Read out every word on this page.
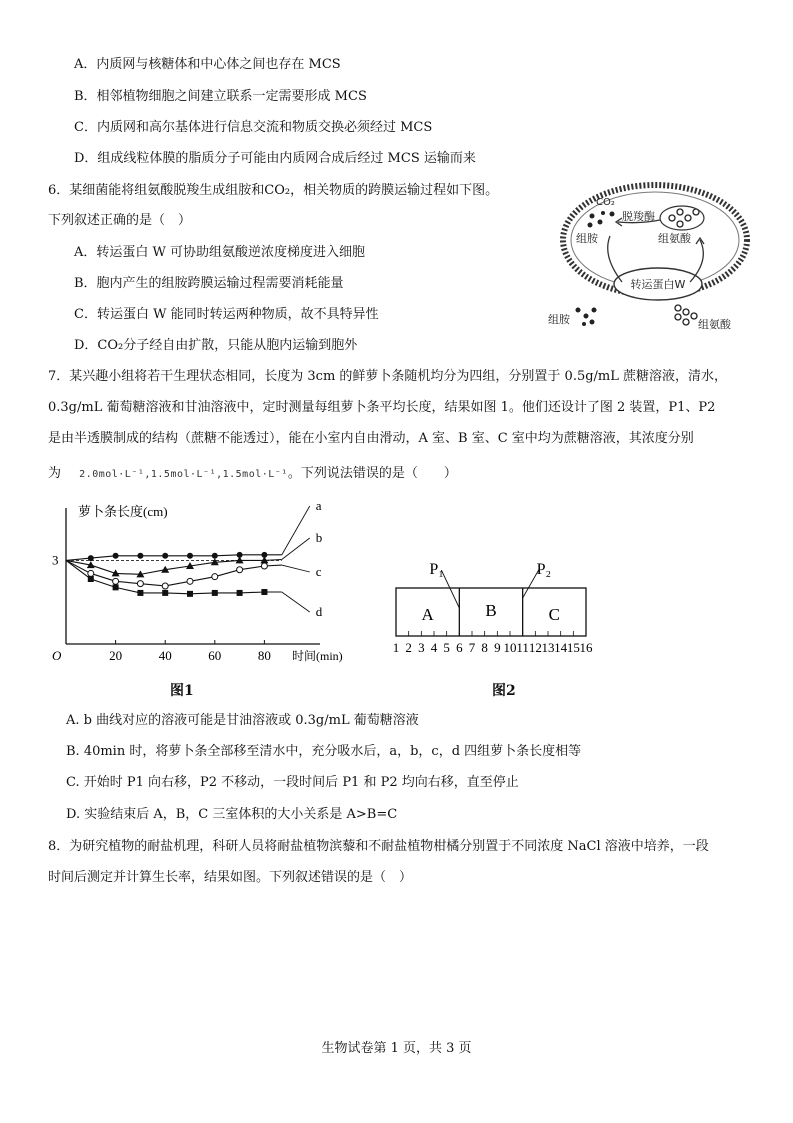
A．内质网与核糖体和中心体之间也存在 MCS
B．相邻植物细胞之间建立联系一定需要形成 MCS
C．内质网和高尔基体进行信息交流和物质交换必须经过 MCS
D．组成线粒体膜的脂质分子可能由内质网合成后经过 MCS 运输而来
6．某细菌能将组氨酸脱羧生成组胺和CO₂，相关物质的跨膜运输过程如下图。
下列叙述正确的是（　）
A．转运蛋白 W 可协助组氨酸逆浓度梯度进入细胞
B．胞内产生的组胺跨膜运输过程需要消耗能量
C．转运蛋白 W 能同时转运两种物质，故不具特异性
D．CO₂分子经自由扩散，只能从胞内运输到胞外
转运蛋白W
CO₂
脱羧酶
组胺	组氨酸
组胺	组氨酸
7．某兴趣小组将若干生理状态相同，长度为 3cm 的鲜萝卜条随机均分为四组，分别置于 0.5g/mL 蔗糖溶液，清水，
0.3g/mL 葡萄糖溶液和甘油溶液中，定时测量每组萝卜条平均长度，结果如图 1。他们还设计了图 2 装置，P1、P2
是由半透膜制成的结构（蔗糖不能透过），能在小室内自由滑动，A 室、B 室、C 室中均为蔗糖溶液，其浓度分别
为 2.0mol·L⁻¹,1.5mol·L⁻¹,1.5mol·L⁻¹。下列说法错误的是（　　）
萝卜条长度(cm)
时间(min)
O
3
20	40	60	80
a
b
c
d
图1
1 2 3 4 5 6 7 8 9 10 11 12 13 14 15 16
P₁	P₂
A	B	C
图2
A. b 曲线对应的溶液可能是甘油溶液或 0.3g/mL 葡萄糖溶液
B. 40min 时，将萝卜条全部移至清水中，充分吸水后，a，b，c，d 四组萝卜条长度相等
C. 开始时 P1 向右移，P2 不移动，一段时间后 P1 和 P2 均向右移，直至停止
D. 实验结束后 A，B，C 三室体积的大小关系是 A>B=C
8．为研究植物的耐盐机理，科研人员将耐盐植物滨藜和不耐盐植物柑橘分别置于不同浓度 NaCl 溶液中培养，一段
时间后测定并计算生长率，结果如图。下列叙述错误的是（　）
生物试卷第 1 页，共 3 页
